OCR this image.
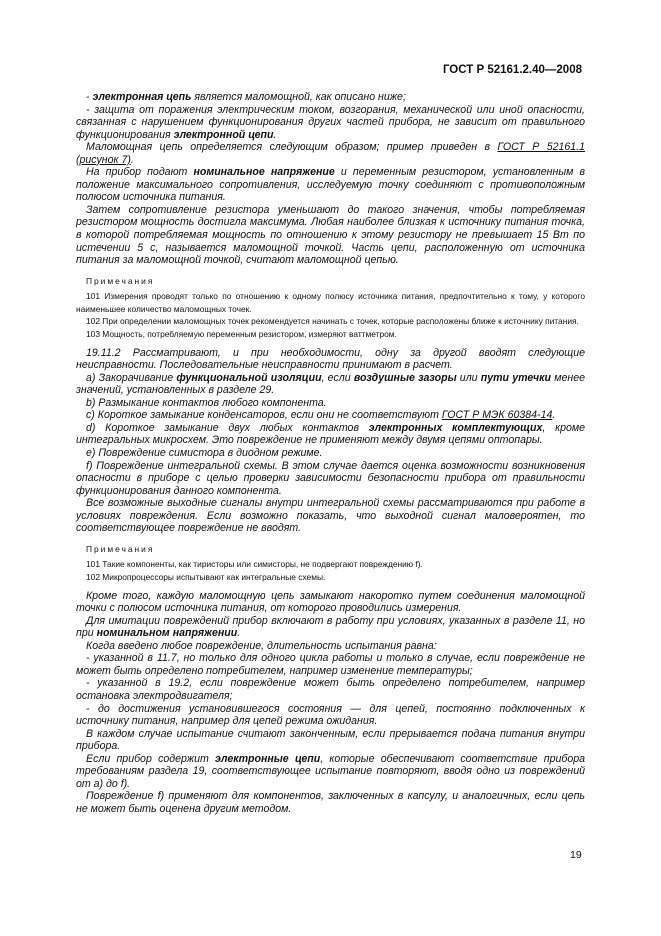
ГОСТ Р 52161.2.40—2008

- электронная цепь является маломощной, как описано ниже;

- защита от поражения электрическим током, возгорания, механической или иной опасности, связанная с нарушением функционирования других частей прибора, не зависит от правильного функционирования электронной цепи.

Маломощная цепь определяется следующим образом; пример приведен в ГОСТ Р 52161.1 (рисунок 7).

На прибор подают номинальное напряжение и переменным резистором, установленным в положение максимального сопротивления, исследуемую точку соединяют с противоположным полюсом источника питания.

Затем сопротивление резистора уменьшают до такого значения, чтобы потребляемая резистором мощность достигла максимума. Любая наиболее близкая к источнику питания точка, в которой потребляемая мощность по отношению к этому резистору не превышает 15 Вт по истечении 5 с, называется маломощной точкой. Часть цепи, расположенную от источника питания за маломощной точкой, считают маломощной цепью.

Примечания

101 Измерения проводят только по отношению к одному полюсу источника питания, предпочтительно к тому, у которого наименьшее количество маломощных точек.

102 При определении маломощных точек рекомендуется начинать с точек, которые расположены ближе к источнику питания.

103 Мощность, потребляемую переменным резистором, измеряют ваттметром.

19.11.2 Рассматривают, и при необходимости, одну за другой вводят следующие неисправности. Последовательные неисправности принимают в расчет.

a) Закорачивание функциональной изоляции, если воздушные зазоры или пути утечки менее значений, установленных в разделе 29.

b) Размыкание контактов любого компонента.

c) Короткое замыкание конденсаторов, если они не соответствуют ГОСТ Р МЭК 60384-14.

d) Короткое замыкание двух любых контактов электронных комплектующих, кроме интегральных микросхем. Это повреждение не применяют между двумя цепями оптопары.

e) Повреждение симистора в диодном режиме.

f) Повреждение интегральной схемы. В этом случае дается оценка возможности возникновения опасности в приборе с целью проверки зависимости безопасности прибора от правильности функционирования данного компонента.

Все возможные выходные сигналы внутри интегральной схемы рассматриваются при работе в условиях повреждения. Если возможно показать, что выходной сигнал маловероятен, то соответствующее повреждение не вводят.

Примечания

101 Такие компоненты, как тиристоры или симисторы, не подвергают повреждению f).

102 Микропроцессоры испытывают как интегральные схемы.

Кроме того, каждую маломощную цепь замыкают накоротко путем соединения маломощной точки с полюсом источника питания, от которого проводились измерения.

Для имитации повреждений прибор включают в работу при условиях, указанных в разделе 11, но при номинальном напряжении.

Когда введено любое повреждение, длительность испытания равна:

- указанной в 11.7, но только для одного цикла работы и только в случае, если повреждение не может быть определено потребителем, например изменение температуры;

- указанной в 19.2, если повреждение может быть определено потребителем, например остановка электродвигателя;

- до достижения установившегося состояния — для цепей, постоянно подключенных к источнику питания, например для цепей режима ожидания.

В каждом случае испытание считают законченным, если прерывается подача питания внутри прибора.

Если прибор содержит электронные цепи, которые обеспечивают соответствие прибора требованиям раздела 19, соответствующее испытание повторяют, вводя одно из повреждений от a) до f).

Повреждение f) применяют для компонентов, заключенных в капсулу, и аналогичных, если цепь не может быть оценена другим методом.

19
